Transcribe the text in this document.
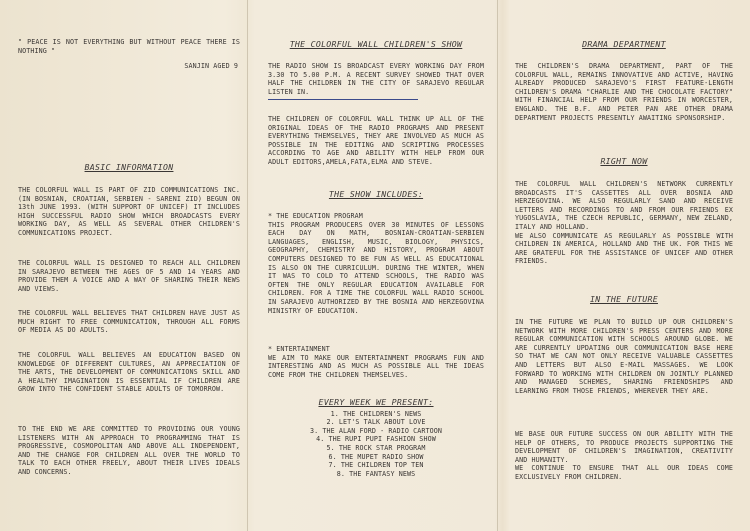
" PEACE IS NOT EVERYTHING BUT WITHOUT PEACE THERE IS NOTHING "

SANJIN AGED 9

BASIC INFORMATION

THE COLORFUL WALL IS PART OF ZID COMMUNICATIONS INC. (IN BOSNIAN, CROATIAN, SERBIEN - SARENI ZID) BEGUN ON 13th JUNE 1993. (WITH SUPPORT OF UNICEF) IT INCLUDES HIGH SUCCESSFUL RADIO SHOW WHICH BROADCASTS EVERY WORKING DAY, AS WELL AS SEVERAL OTHER CHILDREN'S COMMUNICATIONS PROJECT.

THE COLORFUL WALL IS DESIGNED TO REACH ALL CHILDREN IN SARAJEVO BETWEEN THE AGES OF 5 AND 14 YEARS AND PROVIDE THEM A VOICE AND A WAY OF SHARING THEIR NEWS AND VIEWS.

THE COLORFUL WALL BELIEVES THAT CHILDREN HAVE JUST AS MUCH RIGHT TO FREE COMMUNICATION, THROUGH ALL FORMS OF MEDIA AS DO ADULTS.

THE COLORFUL WALL BELIEVES AN EDUCATION BASED ON KNOWLEDGE OF DIFFERENT CULTURES, AN APPRECIATION OF THE ARTS, THE DEVELOPMENT OF COMMUNICATIONS SKILL AND A HEALTHY IMAGINATION IS ESSENTIAL IF CHILDREN ARE GROW INTO THE CONFIDENT STABLE ADULTS OF TOMORROW.

TO THE END WE ARE COMMITTED TO PROVIDING OUR YOUNG LISTENERS WITH AN APPROACH TO PROGRAMMING THAT IS PROGRESSIVE, COSMOPOLITAN AND ABOVE ALL INDEPENDENT, AND THE CHANGE FOR CHILDREN ALL OVER THE WORLD TO TALK TO EACH OTHER FREELY, ABOUT THEIR LIVES IDEALS AND CONCERNS.

THE COLORFUL WALL CHILDREN'S SHOW

THE RADIO SHOW IS BROADCAST EVERY WORKING DAY FROM 3.30 TO 5.00 P.M. A RECENT SURVEY SHOWED THAT OVER HALF THE CHILDREN IN THE CITY OF SARAJEVO REGULAR LISTEN IN.

THE CHILDREN OF COLORFUL WALL THINK UP ALL OF THE ORIGINAL IDEAS OF THE RADIO PROGRAMS AND PRESENT EVERYTHING THEMSELVES, THEY ARE INVOLVED AS MUCH AS POSSIBLE IN THE EDITING AND SCRIPTING PROCESSES ACCORDING TO AGE AND ABILITY WITH HELP FROM OUR ADULT EDITORS,AMELA,FATA,ELMA AND STEVE.

THE SHOW INCLUDES:

* THE EDUCATION PROGRAM

THIS PROGRAM PRODUCERS OVER 30 MINUTES OF LESSONS EACH DAY ON MATH, BOSNIAN-CROATIAN-SERBIEN LANGUAGES, ENGLISH, MUSIC, BIOLOGY, PHYSICS, GEOGRAPHY, CHEMISTRY AND HISTORY, PROGRAM ABOUT COMPUTERS DESIGNED TO BE FUN AS WELL AS EDUCATIONAL IS ALSO ON THE CURRICULUM. DURING THE WINTER, WHEN IT WAS TO COLD TO ATTEND SCHOOLS, THE RADIO WAS OFTEN THE ONLY REGULAR EDUCATION AVAILABLE FOR CHILDREN. FOR A TIME THE COLORFUL WALL RADIO SCHOOL IN SARAJEVO AUTHORIZED BY THE BOSNIA AND HERZEGOVINA MINISTRY OF EDUCATION.

* ENTERTAINMENT

WE AIM TO MAKE OUR ENTERTAINMENT PROGRAMS FUN AND INTERESTING AND AS MUCH AS POSSIBLE ALL THE IDEAS COME FROM THE CHILDREN THEMSELVES.

EVERY WEEK WE PRESENT:

1. THE CHILDREN'S NEWS

2. LET'S TALK ABOUT LOVE

3. THE ALAN FORD - RADIO CARTOON

4. THE RUPI PUPI FASHION SHOW

5. THE ROCK STAR PROGRAM

6. THE MUPET RADIO SHOW

7. THE CHILDREN TOP TEN

8. THE FANTASY NEWS

DRAMA DEPARTMENT

THE CHILDREN'S DRAMA DEPARTMENT, PART OF THE COLORFUL WALL, REMAINS INNOVATIVE AND ACTIVE, HAVING ALREADY PRODUCED SARAJEVO'S FIRST FEATURE-LENGTH CHILDREN'S DRAMA "CHARLIE AND THE CHOCOLATE FACTORY" WITH FINANCIAL HELP FROM OUR FRIENDS IN WORCESTER, ENGLAND. THE B.F. AND PETER PAN ARE OTHER DRAMA DEPARTMENT PROJECTS PRESENTLY AWAITING SPONSORSHIP.

RIGHT NOW

THE COLORFUL WALL CHILDREN'S NETWORK CURRENTLY BROADCASTS IT'S CASSETTES ALL OVER BOSNIA AND HERZEGOVINA. WE ALSO REGULARLY SAND AND RECEIVE LETTERS AND RECORDINGS TO AND FROM OUR FRIENDS EX YUGOSLAVIA, THE CZECH REPUBLIC, GERMANY, NEW ZELAND, ITALY AND HOLLAND.

WE ALSO COMMUNICATE AS REGULARLY AS POSSIBLE WITH CHILDREN IN AMERICA, HOLLAND AND THE UK. FOR THIS WE ARE GRATEFUL FOR THE ASSISTANCE OF UNICEF AND OTHER FRIENDS.

IN THE FUTURE

IN THE FUTURE WE PLAN TO BUILD UP OUR CHILDREN'S NETWORK WITH MORE CHILDREN'S PRESS CENTERS AND MORE REGULAR COMMUNICATION WITH SCHOOLS AROUND GLOBE. WE ARE CURRENTLY UPDATING OUR COMMUNICATION BASE HERE SO THAT WE CAN NOT ONLY RECEIVE VALUABLE CASSETTES AND LETTERS BUT ALSO E-MAIL MASSAGES. WE LOOK FORWARD TO WORKING WITH CHILDREN ON JOINTLY PLANNED AND MANAGED SCHEMES, SHARING FRIENDSHIPS AND LEARNING FROM THOSE FRIENDS, WHEREVER THEY ARE.

WE BASE OUR FUTURE SUCCESS ON OUR ABILITY WITH THE HELP OF OTHERS, TO PRODUCE PROJECTS SUPPORTING THE DEVELOPMENT OF CHILDREN'S IMAGINATION, CREATIVITY AND HUMANITY.

WE CONTINUE TO ENSURE THAT ALL OUR IDEAS COME EXCLUSIVELY FROM CHILDREN.
